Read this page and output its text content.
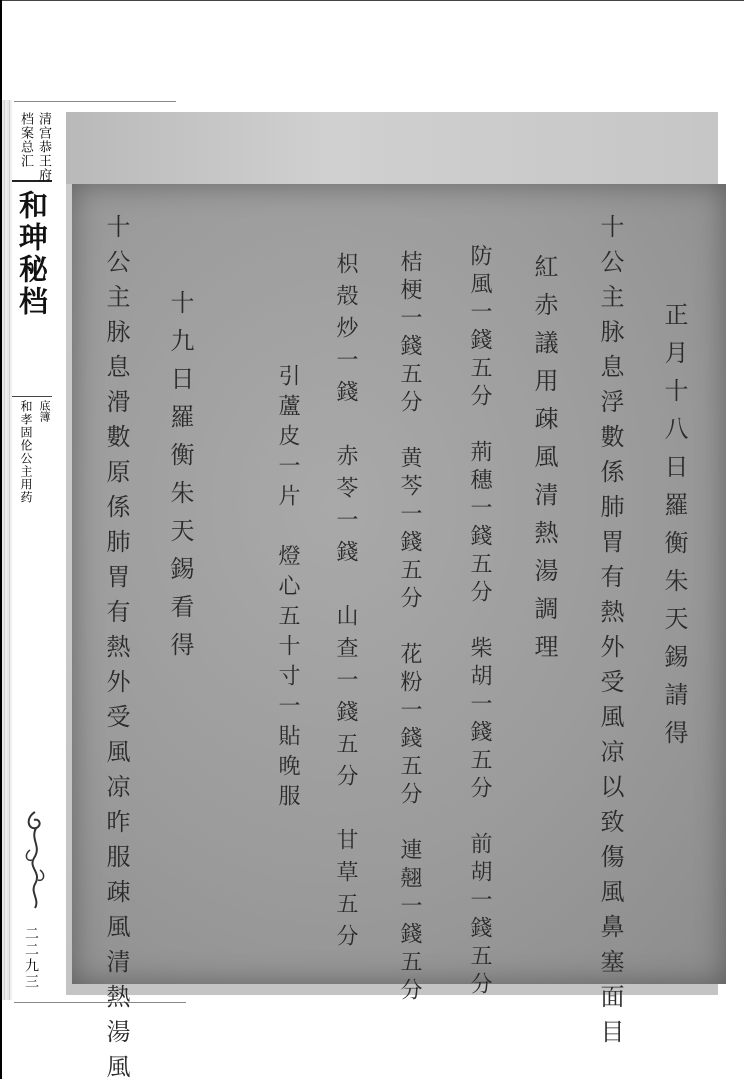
清宫恭王府
档案总汇
和珅秘档
底簿
和孝固伦公主用药
二二九三
正月十八日羅衡朱天錫請得
十公主脉息浮數係肺胃有熱外受風凉以致傷風鼻塞面目
紅赤議用疎風清熱湯調理
防風一錢五分　荊穗一錢五分　柴胡一錢五分　前胡一錢五分
桔梗一錢五分　黄芩一錢五分　花粉一錢五分　連翹一錢五分
枳殻炒一錢　赤苓一錢　山查一錢五分　甘草五分
引蘆皮一片　燈心五十寸一貼晚服
十九日羅衡朱天錫看得
十公主脉息滑數原係肺胃有熱外受風凉昨服疎風清熱湯風
